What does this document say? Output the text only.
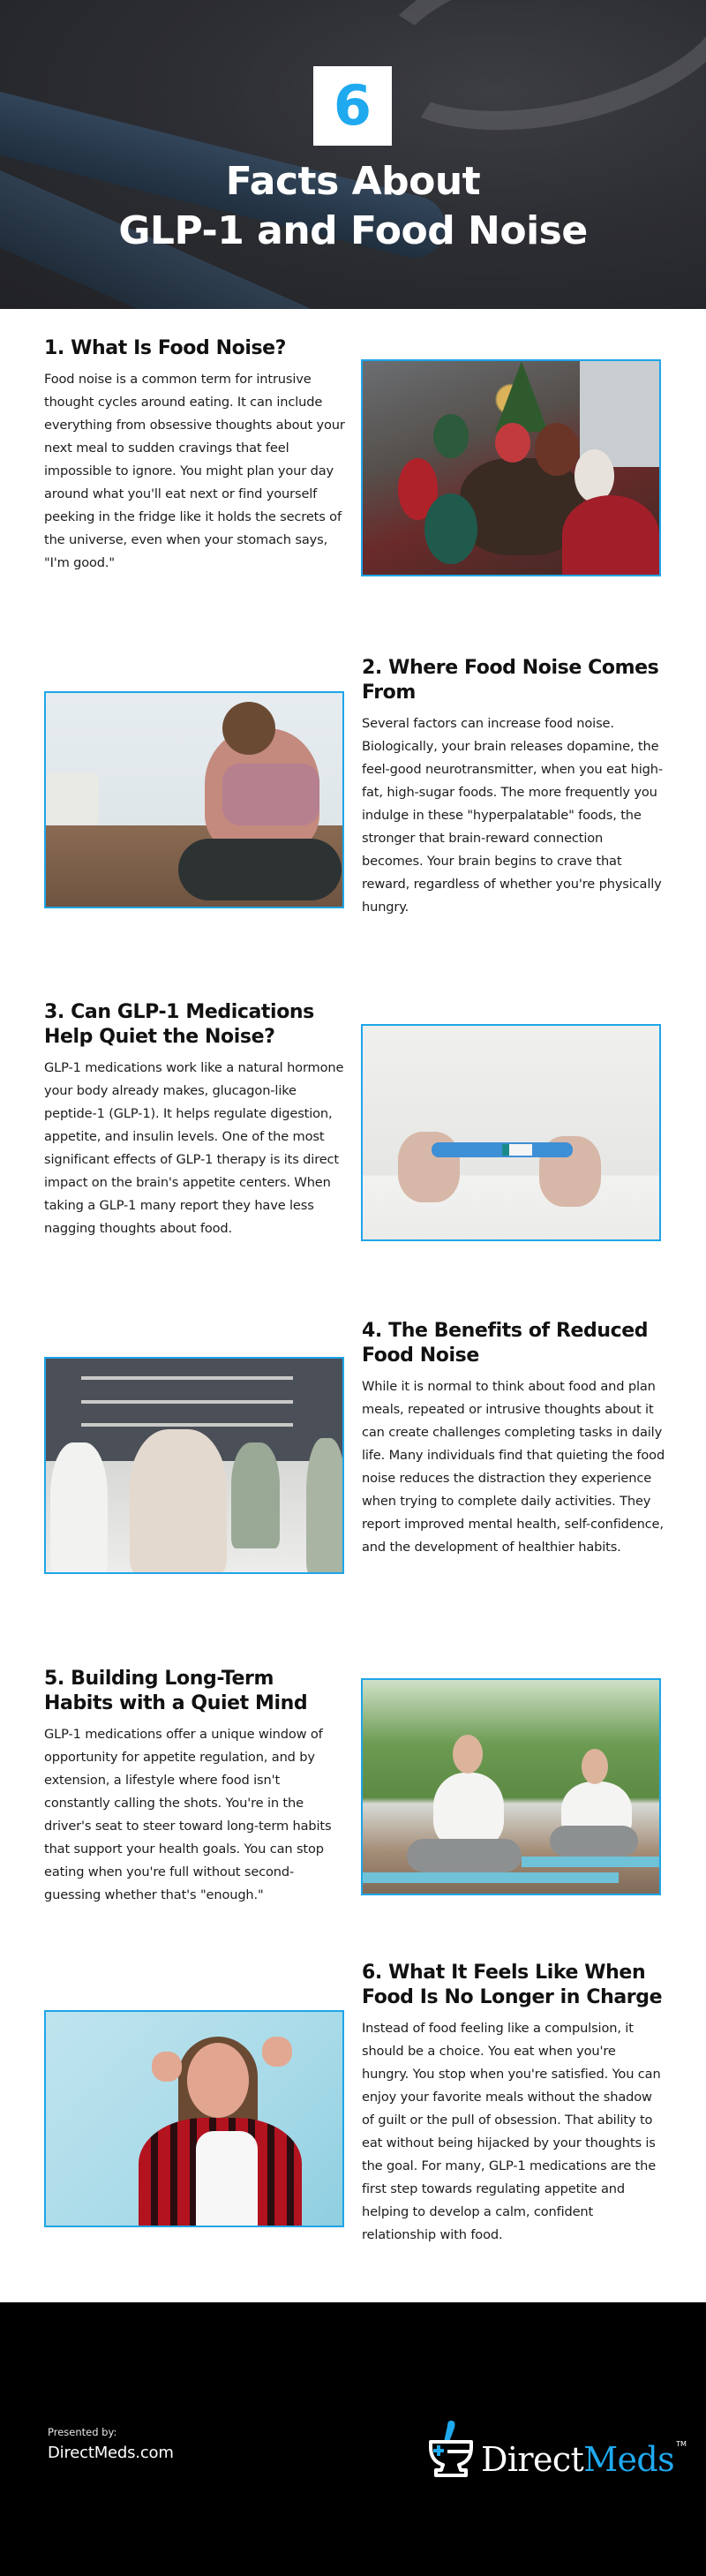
6
Facts About
GLP-1 and Food Noise
1. What Is Food Noise?

Food noise is a common term for intrusive thought cycles around eating. It can include everything from obsessive thoughts about your next meal to sudden cravings that feel impossible to ignore. You might plan your day around what you'll eat next or find yourself peeking in the fridge like it holds the secrets of the universe, even when your stomach says, "I'm good."

2. Where Food Noise Comes From

Several factors can increase food noise. Biologically, your brain releases dopamine, the feel-good neurotransmitter, when you eat high-fat, high-sugar foods. The more frequently you indulge in these "hyperpalatable" foods, the stronger that brain-reward connection becomes. Your brain begins to crave that reward, regardless of whether you're physically hungry.

3. Can GLP-1 Medications Help Quiet the Noise?

GLP-1 medications work like a natural hormone your body already makes, glucagon-like peptide-1 (GLP-1). It helps regulate digestion, appetite, and insulin levels. One of the most significant effects of GLP-1 therapy is its direct impact on the brain's appetite centers. When taking a GLP-1 many report they have less nagging thoughts about food.

4. The Benefits of Reduced Food Noise

While it is normal to think about food and plan meals, repeated or intrusive thoughts about it can create challenges completing tasks in daily life. Many individuals find that quieting the food noise reduces the distraction they experience when trying to complete daily activities. They report improved mental health, self-confidence, and the development of healthier habits.

5. Building Long-Term Habits with a Quiet Mind

GLP-1 medications offer a unique window of opportunity for appetite regulation, and by extension, a lifestyle where food isn't constantly calling the shots. You're in the driver's seat to steer toward long-term habits that support your health goals. You can stop eating when you're full without second-guessing whether that's "enough."

6. What It Feels Like When Food Is No Longer in Charge

Instead of food feeling like a compulsion, it should be a choice. You eat when you're hungry. You stop when you're satisfied. You can enjoy your favorite meals without the shadow of guilt or the pull of obsession. That ability to eat without being hijacked by your thoughts is the goal. For many, GLP-1 medications are the first step towards regulating appetite and helping to develop a calm, confident relationship with food.

Presented by:
DirectMeds.com	DirectMeds TM
